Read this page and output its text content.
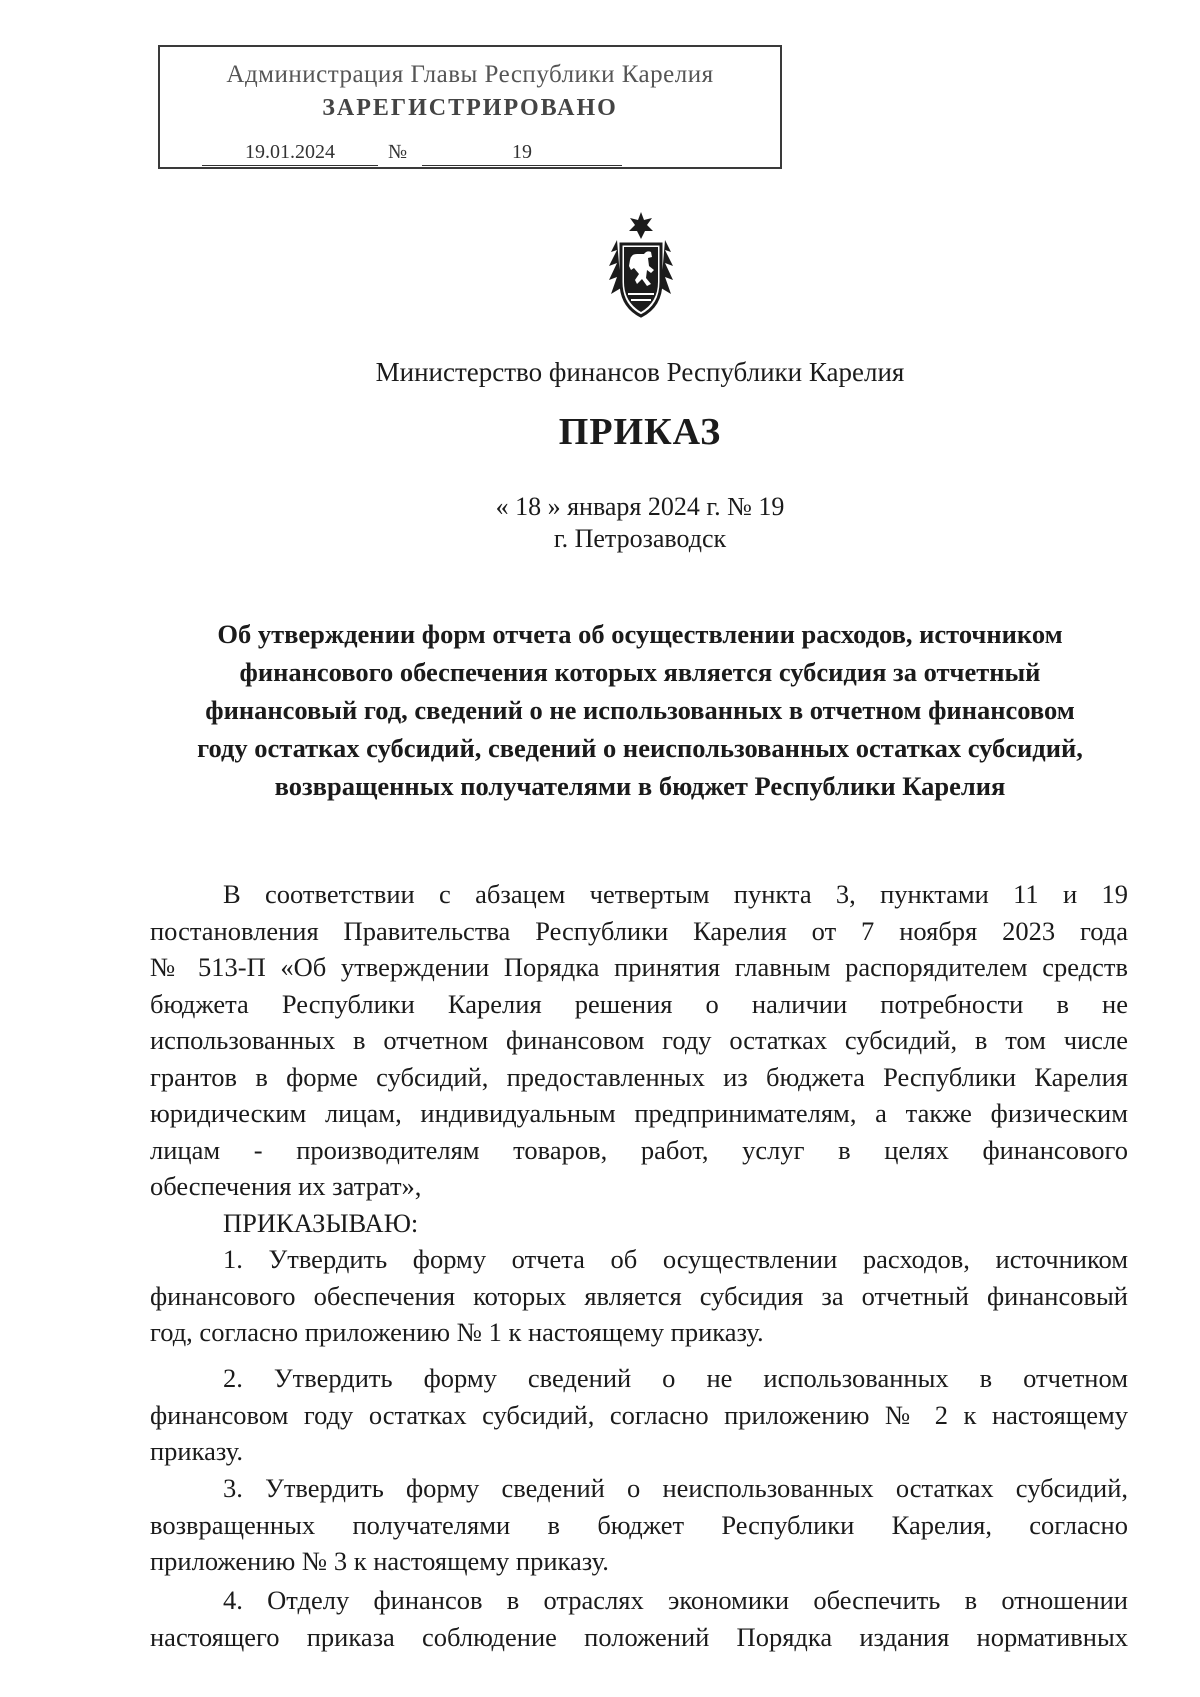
Администрация Главы Республики Карелия
ЗАРЕГИСТРИРОВАНО
19.01.2024	№	19
Министерство финансов Республики Карелия
ПРИКАЗ
« 18 » января 2024 г. № 19
г. Петрозаводск

Об утверждении форм отчета об осуществлении расходов, источником

финансового обеспечения которых является субсидия за отчетный

финансовый год, сведений о не использованных в отчетном финансовом

году остатках субсидий, сведений о неиспользованных остатках субсидий,

возвращенных получателями в бюджет Республики Карелия

В соответствии с абзацем четвертым пункта 3, пунктами 11 и 19

постановления Правительства Республики Карелия от 7 ноября 2023 года

№ 513-П «Об утверждении Порядка принятия главным распорядителем средств

бюджета Республики Карелия решения о наличии потребности в не

использованных в отчетном финансовом году остатках субсидий, в том числе

грантов в форме субсидий, предоставленных из бюджета Республики Карелия

юридическим лицам, индивидуальным предпринимателям, а также физическим

лицам - производителям товаров, работ, услуг в целях финансового

обеспечения их затрат»,

ПРИКАЗЫВАЮ:

1. Утвердить форму отчета об осуществлении расходов, источником

финансового обеспечения которых является субсидия за отчетный финансовый

год, согласно приложению № 1 к настоящему приказу.

2. Утвердить форму сведений о не использованных в отчетном

финансовом году остатках субсидий, согласно приложению № 2 к настоящему

приказу.

3. Утвердить форму сведений о неиспользованных остатках субсидий,

возвращенных получателями в бюджет Республики Карелия, согласно

приложению № 3 к настоящему приказу.

4. Отделу финансов в отраслях экономики обеспечить в отношении

настоящего приказа соблюдение положений Порядка издания нормативных
